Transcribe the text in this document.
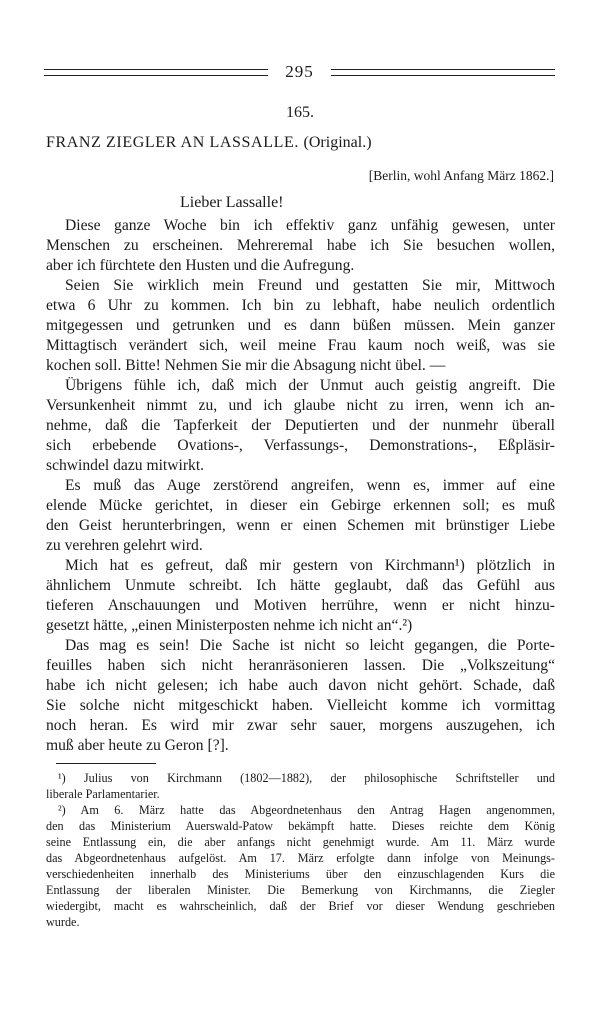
295
165.
FRANZ ZIEGLER AN LASSALLE. (Original.)
[Berlin, wohl Anfang März 1862.]
Lieber Lassalle!
Diese ganze Woche bin ich effektiv ganz unfähig gewesen, unter
Menschen zu erscheinen. Mehreremal habe ich Sie besuchen wollen,
aber ich fürchtete den Husten und die Aufregung.
Seien Sie wirklich mein Freund und gestatten Sie mir, Mittwoch
etwa 6 Uhr zu kommen. Ich bin zu lebhaft, habe neulich ordentlich
mitgegessen und getrunken und es dann büßen müssen. Mein ganzer
Mittagtisch verändert sich, weil meine Frau kaum noch weiß, was sie
kochen soll. Bitte! Nehmen Sie mir die Absagung nicht übel. —
Übrigens fühle ich, daß mich der Unmut auch geistig angreift. Die
Versunkenheit nimmt zu, und ich glaube nicht zu irren, wenn ich an-
nehme, daß die Tapferkeit der Deputierten und der nunmehr überall
sich erbebende Ovations-, Verfassungs-, Demonstrations-, Eßpläsir-
schwindel dazu mitwirkt.
Es muß das Auge zerstörend angreifen, wenn es, immer auf eine
elende Mücke gerichtet, in dieser ein Gebirge erkennen soll; es muß
den Geist herunterbringen, wenn er einen Schemen mit brünstiger Liebe
zu verehren gelehrt wird.
Mich hat es gefreut, daß mir gestern von Kirchmann¹) plötzlich in
ähnlichem Unmute schreibt. Ich hätte geglaubt, daß das Gefühl aus
tieferen Anschauungen und Motiven herrühre, wenn er nicht hinzu-
gesetzt hätte, „einen Ministerposten nehme ich nicht an“.²)
Das mag es sein! Die Sache ist nicht so leicht gegangen, die Porte-
feuilles haben sich nicht heranräsonieren lassen. Die „Volkszeitung“
habe ich nicht gelesen; ich habe auch davon nicht gehört. Schade, daß
Sie solche nicht mitgeschickt haben. Vielleicht komme ich vormittag
noch heran. Es wird mir zwar sehr sauer, morgens auszugehen, ich
muß aber heute zu Geron [?].
¹) Julius von Kirchmann (1802—1882), der philosophische Schriftsteller und
liberale Parlamentarier.
²) Am 6. März hatte das Abgeordnetenhaus den Antrag Hagen angenommen,
den das Ministerium Auerswald-Patow bekämpft hatte. Dieses reichte dem König
seine Entlassung ein, die aber anfangs nicht genehmigt wurde. Am 11. März wurde
das Abgeordnetenhaus aufgelöst. Am 17. März erfolgte dann infolge von Meinungs-
verschiedenheiten innerhalb des Ministeriums über den einzuschlagenden Kurs die
Entlassung der liberalen Minister. Die Bemerkung von Kirchmanns, die Ziegler
wiedergibt, macht es wahrscheinlich, daß der Brief vor dieser Wendung geschrieben
wurde.
